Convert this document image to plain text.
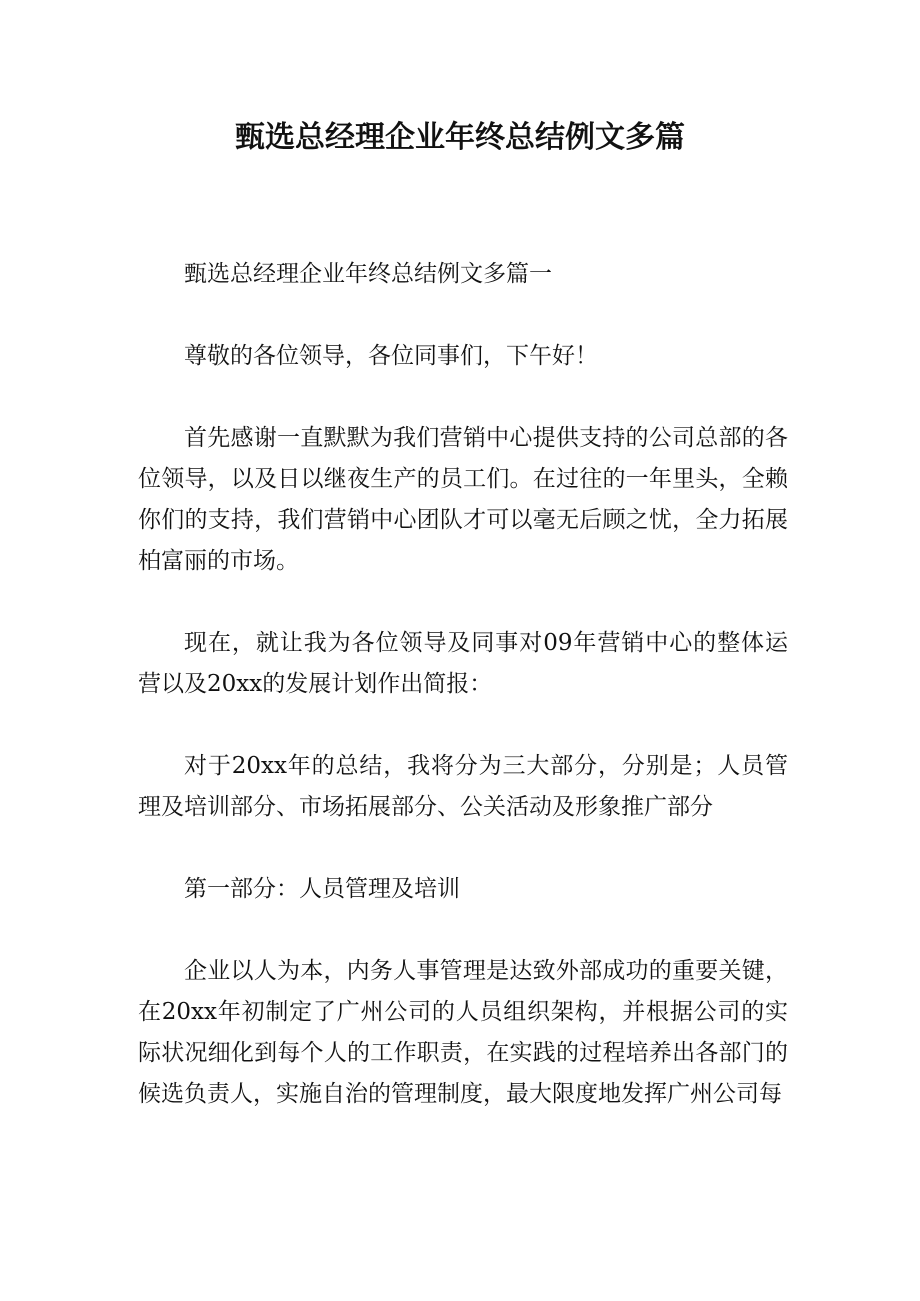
甄选总经理企业年终总结例文多篇

甄选总经理企业年终总结例文多篇一

尊敬的各位领导，各位同事们，下午好！

首先感谢一直默默为我们营销中心提供支持的公司总部的各位领导，以及日以继夜生产的员工们。在过往的一年里头，全赖你们的支持，我们营销中心团队才可以毫无后顾之忧，全力拓展柏富丽的市场。

现在，就让我为各位领导及同事对09年营销中心的整体运营以及20xx的发展计划作出简报：

对于20xx年的总结，我将分为三大部分，分别是；人员管理及培训部分、市场拓展部分、公关活动及形象推广部分

第一部分：人员管理及培训

企业以人为本，内务人事管理是达致外部成功的重要关键，在20xx年初制定了广州公司的人员组织架构，并根据公司的实际状况细化到每个人的工作职责，在实践的过程培养出各部门的候选负责人，实施自治的管理制度，最大限度地发挥广州公司每
